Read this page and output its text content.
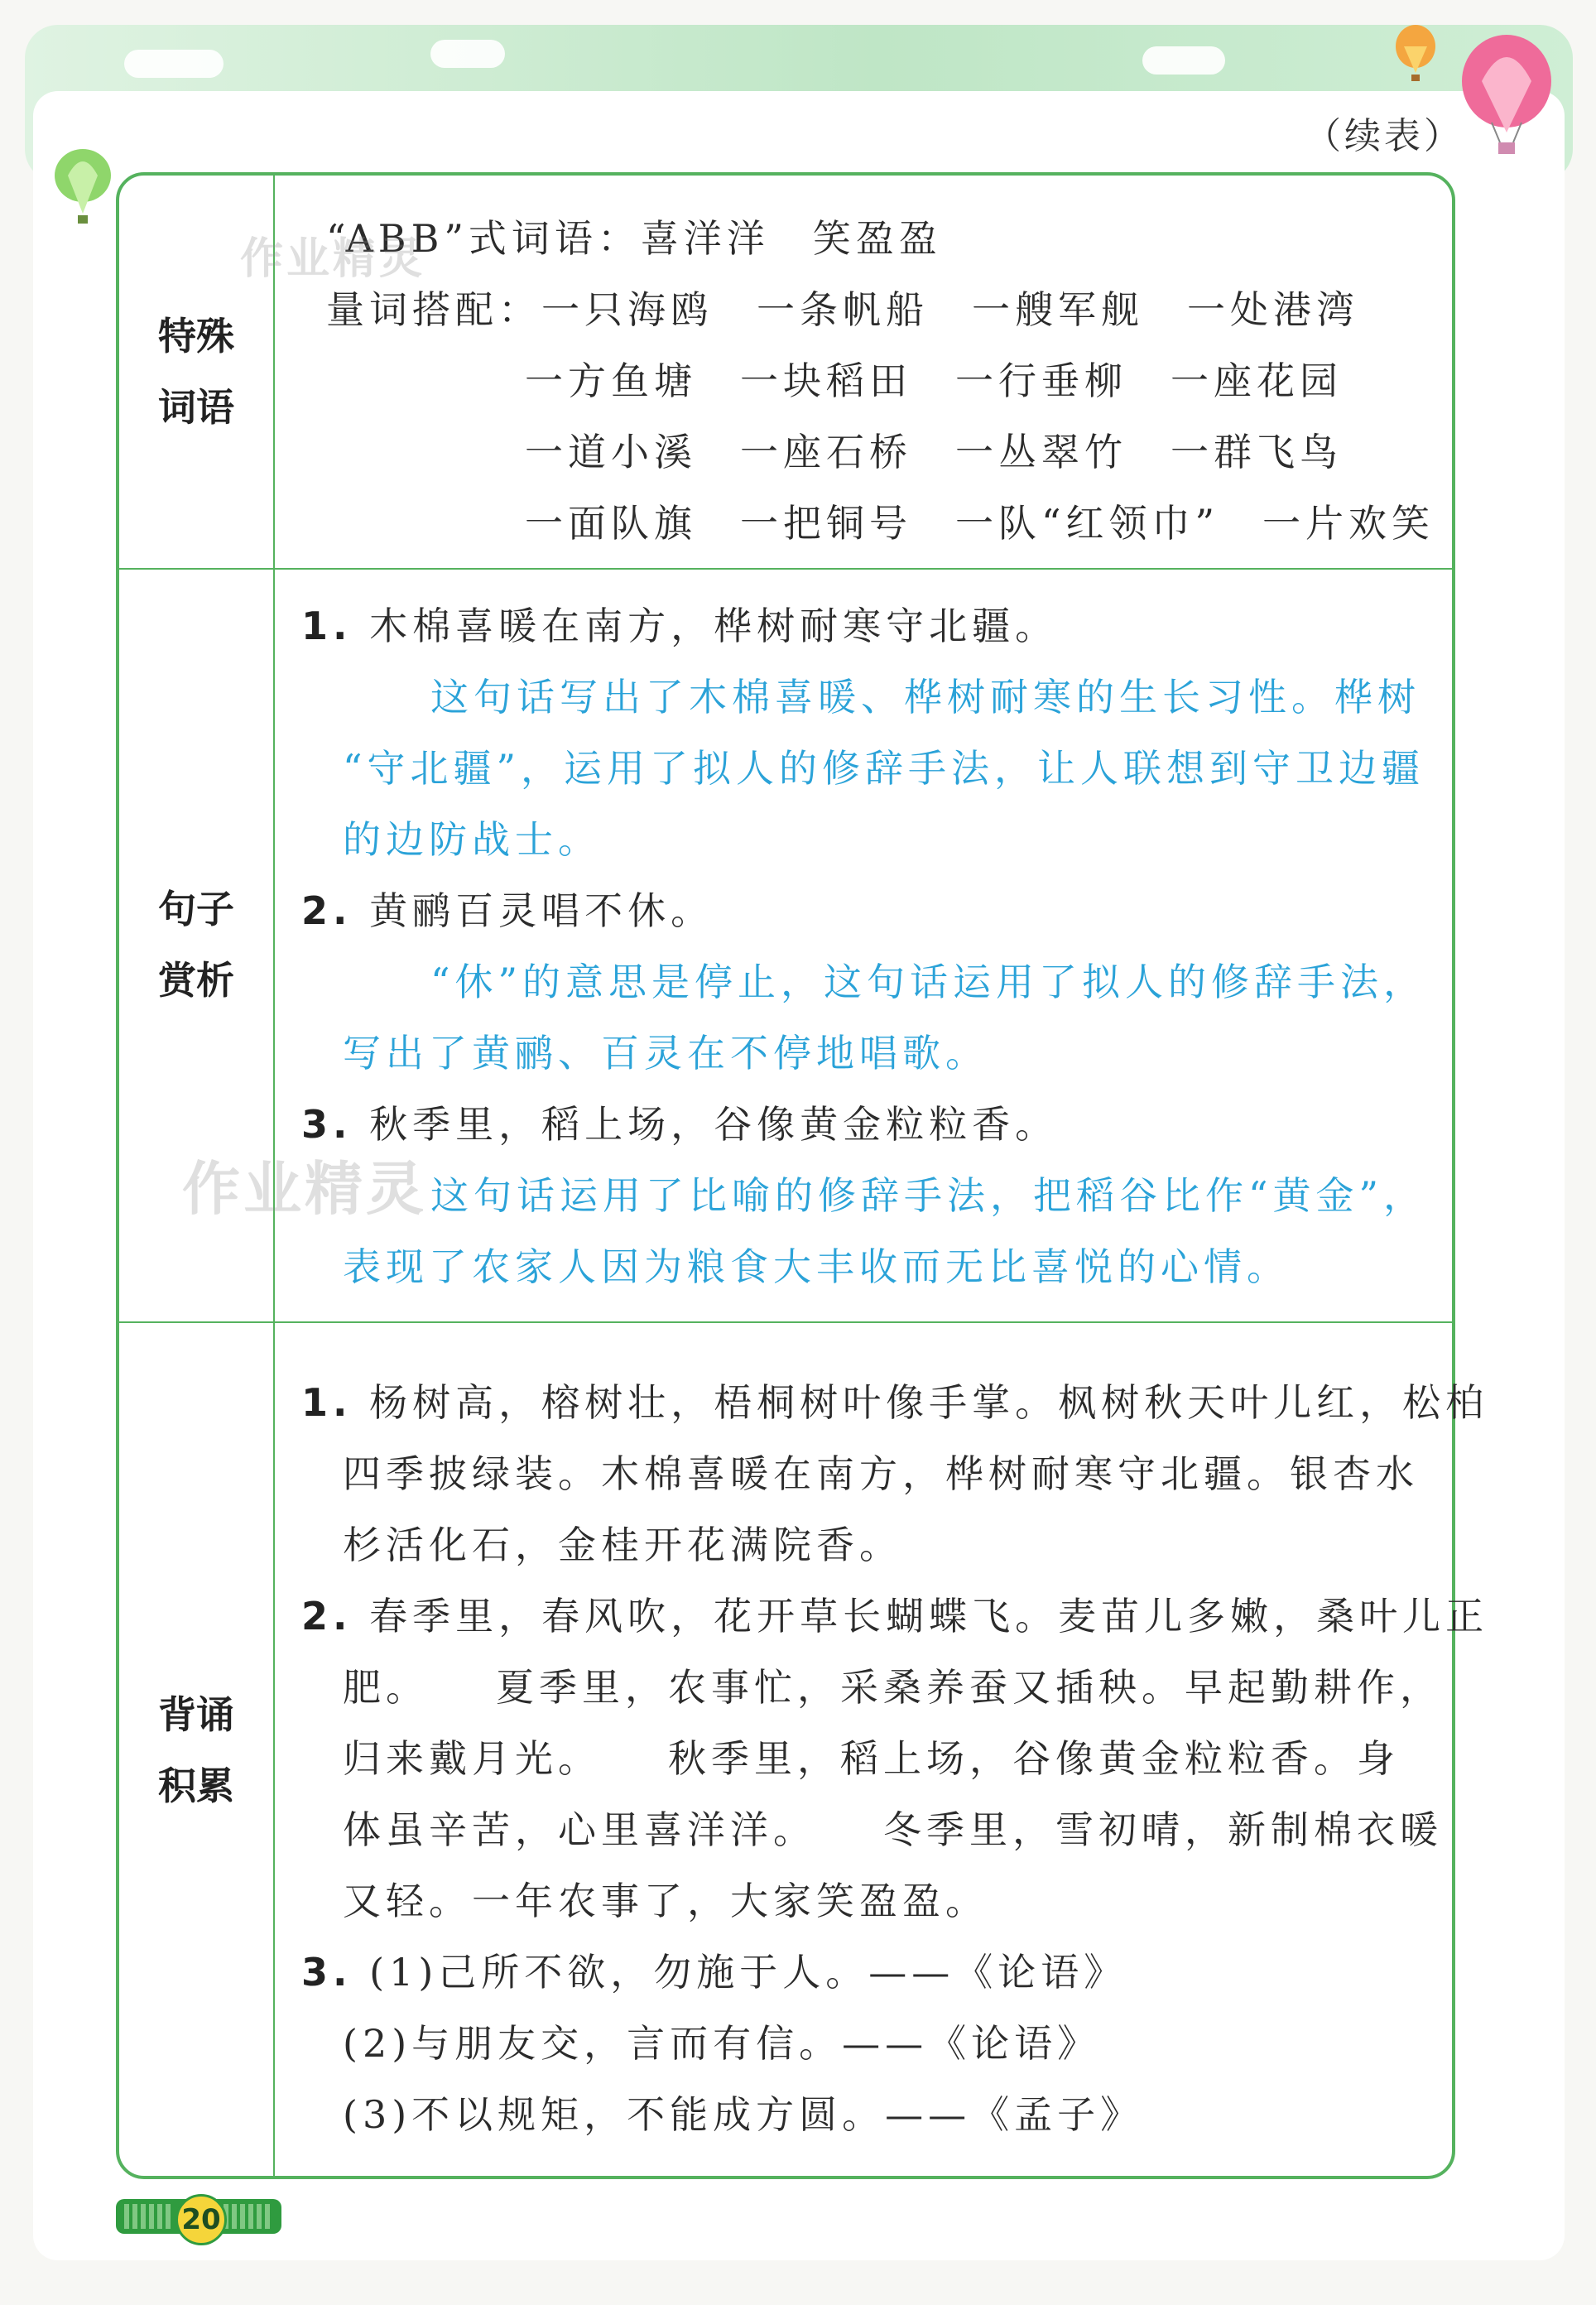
（续表）
特殊
词语
“ABB”式词语：喜洋洋　笑盈盈
量词搭配：一只海鸥　一条帆船　一艘军舰　一处港湾
一方鱼塘　一块稻田　一行垂柳　一座花园
一道小溪　一座石桥　一丛翠竹　一群飞鸟
一面队旗　一把铜号　一队“红领巾”　一片欢笑
句子
赏析
1. 木棉喜暖在南方，桦树耐寒守北疆。
这句话写出了木棉喜暖、桦树耐寒的生长习性。桦树
“守北疆”，运用了拟人的修辞手法，让人联想到守卫边疆
的边防战士。
2. 黄鹂百灵唱不休。
“休”的意思是停止，这句话运用了拟人的修辞手法，
写出了黄鹂、百灵在不停地唱歌。
3. 秋季里，稻上场，谷像黄金粒粒香。
这句话运用了比喻的修辞手法，把稻谷比作“黄金”，
表现了农家人因为粮食大丰收而无比喜悦的心情。
背诵
积累
1. 杨树高，榕树壮，梧桐树叶像手掌。枫树秋天叶儿红，松柏
四季披绿装。木棉喜暖在南方，桦树耐寒守北疆。银杏水
杉活化石，金桂开花满院香。
2. 春季里，春风吹，花开草长蝴蝶飞。麦苗儿多嫩，桑叶儿正
肥。　　夏季里，农事忙，采桑养蚕又插秧。早起勤耕作，
归来戴月光。　　秋季里，稻上场，谷像黄金粒粒香。身
体虽辛苦，心里喜洋洋。　　冬季里，雪初晴，新制棉衣暖
又轻。一年农事了，大家笑盈盈。
3. (1)己所不欲，勿施于人。——《论语》
(2)与朋友交，言而有信。——《论语》
(3)不以规矩，不能成方圆。——《孟子》
作业精灵
作业精灵
20
